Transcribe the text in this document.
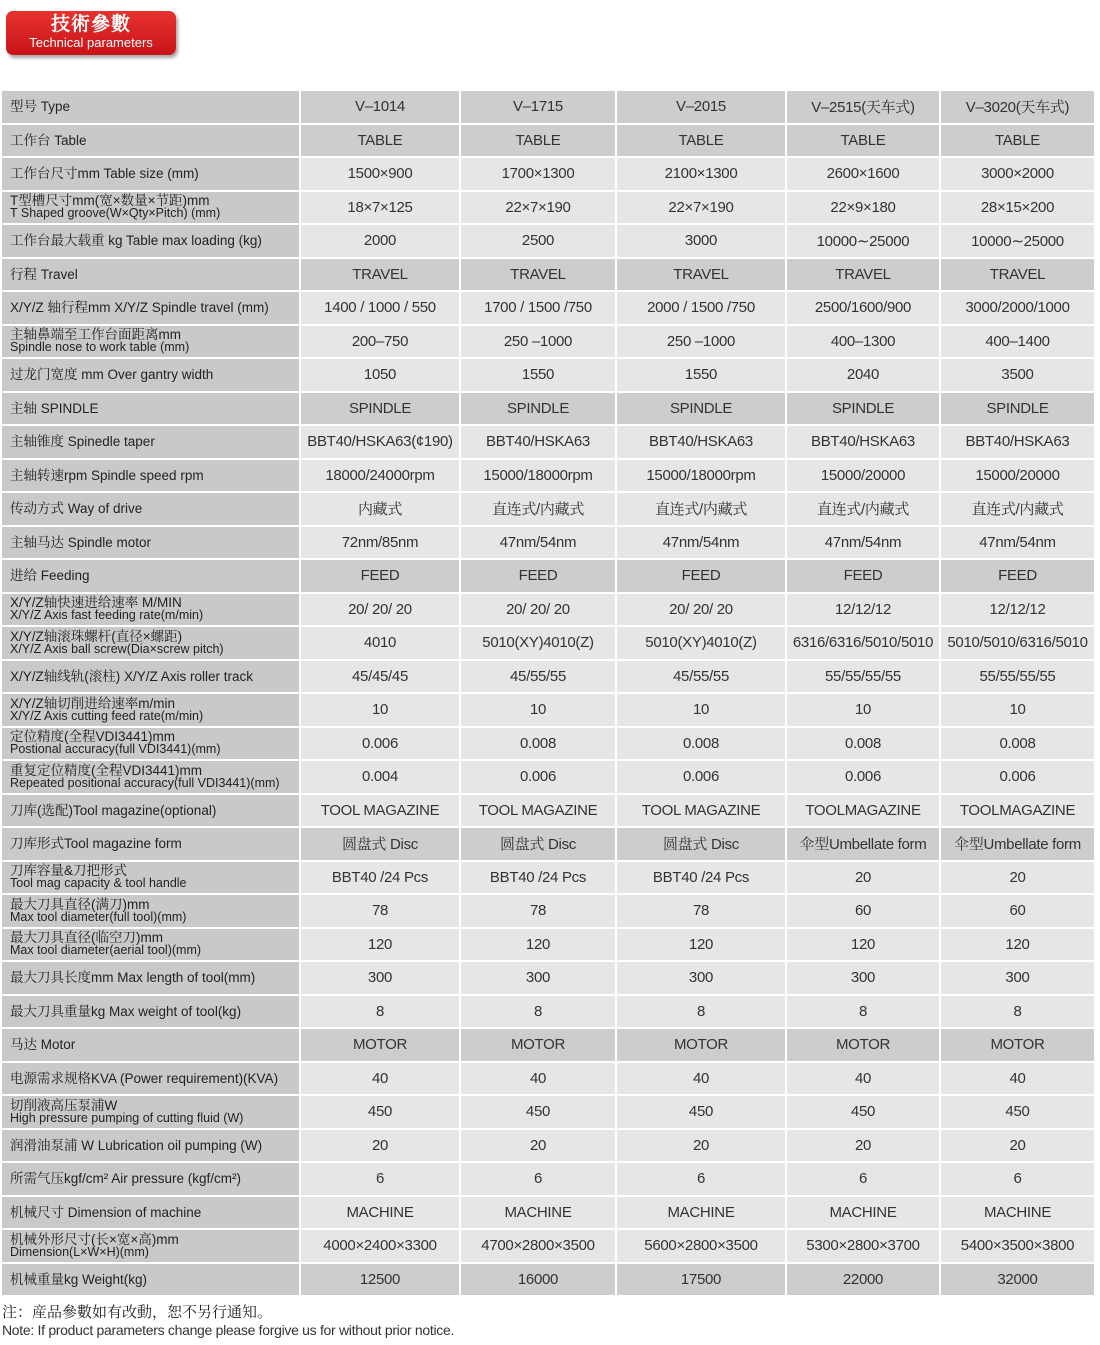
技術參數
Technical parameters
型号 Type	V–1014	V–1715	V–2015	V–2515(天车式)	V–3020(天车式)

工作台 Table	TABLE	TABLE	TABLE	TABLE	TABLE

工作台尺寸mm Table size (mm)	1500×900	1700×1300	2100×1300	2600×1600	3000×2000

T型槽尺寸mm(宽×数量×节距)mm
T Shaped groove(W×Qty×Pitch) (mm)	18×7×125	22×7×190	22×7×190	22×9×180	28×15×200

工作台最大载重 kg Table max loading (kg)	2000	2500	3000	10000∼25000	10000∼25000

行程 Travel	TRAVEL	TRAVEL	TRAVEL	TRAVEL	TRAVEL

X/Y/Z 轴行程mm X/Y/Z Spindle travel (mm)	1400 / 1000 / 550	1700 / 1500 /750	2000 / 1500 /750	2500/1600/900	3000/2000/1000

主轴鼻端至工作台面距离mm
Spindle nose to work table (mm)	200–750	250 –1000	250 –1000	400–1300	400–1400

过龙门宽度 mm Over gantry width	1050	1550	1550	2040	3500

主轴 SPINDLE	SPINDLE	SPINDLE	SPINDLE	SPINDLE	SPINDLE

主轴锥度 Spinedle taper	BBT40/HSKA63(¢190)	BBT40/HSKA63	BBT40/HSKA63	BBT40/HSKA63	BBT40/HSKA63

主轴转速rpm Spindle speed rpm	18000/24000rpm	15000/18000rpm	15000/18000rpm	15000/20000	15000/20000

传动方式 Way of drive	内藏式	直连式/内藏式	直连式/内藏式	直连式/内藏式	直连式/内藏式

主轴马达 Spindle motor	72nm/85nm	47nm/54nm	47nm/54nm	47nm/54nm	47nm/54nm

进给 Feeding	FEED	FEED	FEED	FEED	FEED

X/Y/Z轴快速进给速率 M/MIN
X/Y/Z Axis fast feeding rate(m/min)	20/ 20/ 20	20/ 20/ 20	20/ 20/ 20	12/12/12	12/12/12

X/Y/Z轴滚珠螺杆(直径×螺距)
X/Y/Z Axis ball screw(Dia×screw pitch)	4010	5010(XY)4010(Z)	5010(XY)4010(Z)	6316/6316/5010/5010	5010/5010/6316/5010

X/Y/Z轴线轨(滚柱) X/Y/Z Axis roller track	45/45/45	45/55/55	45/55/55	55/55/55/55	55/55/55/55

X/Y/Z轴切削进给速率m/min
X/Y/Z Axis cutting feed rate(m/min)	10	10	10	10	10

定位精度(全程VDI3441)mm
Postional accuracy(full VDI3441)(mm)	0.006	0.008	0.008	0.008	0.008

重复定位精度(全程VDI3441)mm
Repeated positional accuracy(full VDI3441)(mm)	0.004	0.006	0.006	0.006	0.006

刀库(选配)Tool magazine(optional)	TOOL MAGAZINE	TOOL MAGAZINE	TOOL MAGAZINE	TOOLMAGAZINE	TOOLMAGAZINE

刀库形式Tool magazine form	圆盘式 Disc	圆盘式 Disc	圆盘式 Disc	伞型Umbellate form	伞型Umbellate form

刀库容量&刀把形式
Tool mag capacity & tool handle	BBT40 /24 Pcs	BBT40 /24 Pcs	BBT40 /24 Pcs	20	20

最大刀具直径(满刀)mm
Max tool diameter(full tool)(mm)	78	78	78	60	60

最大刀具直径(临空刀)mm
Max tool diameter(aerial tool)(mm)	120	120	120	120	120

最大刀具长度mm Max length of tool(mm)	300	300	300	300	300

最大刀具重量kg Max weight of tool(kg)	8	8	8	8	8

马达 Motor	MOTOR	MOTOR	MOTOR	MOTOR	MOTOR

电源需求规格KVA (Power requirement)(KVA)	40	40	40	40	40

切削液高压泵浦W
High pressure pumping of cutting fluid (W)	450	450	450	450	450

润滑油泵浦 W Lubrication oil pumping (W)	20	20	20	20	20

所需气压kgf/cm² Air pressure (kgf/cm²)	6	6	6	6	6

机械尺寸 Dimension of machine	MACHINE	MACHINE	MACHINE	MACHINE	MACHINE

机械外形尺寸(长×宽×高)mm
Dimension(L×W×H)(mm)	4000×2400×3300	4700×2800×3500	5600×2800×3500	5300×2800×3700	5400×3500×3800

机械重量kg Weight(kg)	12500	16000	17500	22000	32000
注：産品參數如有改動，恕不另行通知。
Note: If product parameters change please forgive us for without prior notice.
